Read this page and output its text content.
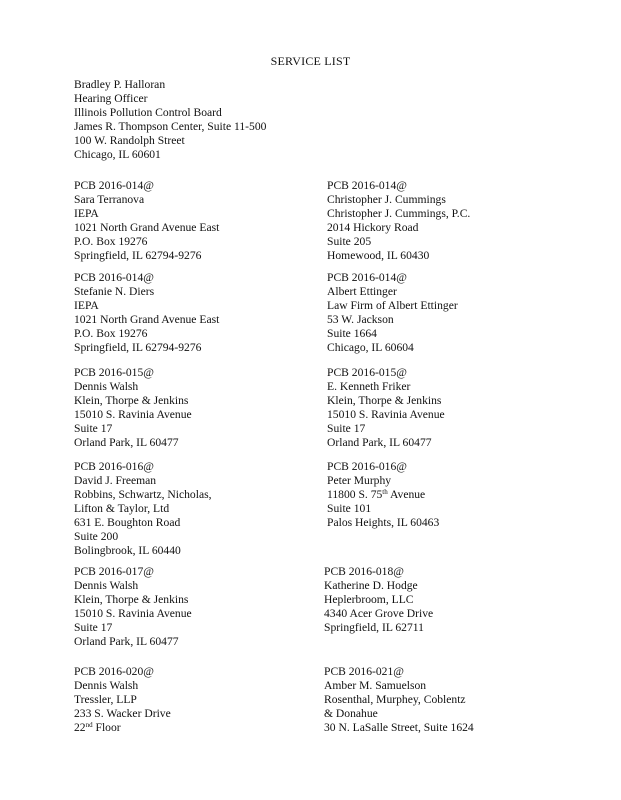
SERVICE LIST
Bradley P. Halloran
Hearing Officer
Illinois Pollution Control Board
James R. Thompson Center, Suite 11-500
100 W. Randolph Street
Chicago, IL 60601
PCB 2016-014@
Sara Terranova
IEPA
1021 North Grand Avenue East
P.O. Box 19276
Springfield, IL 62794-9276
PCB 2016-014@
Christopher J. Cummings
Christopher J. Cummings, P.C.
2014 Hickory Road
Suite 205
Homewood, IL 60430
PCB 2016-014@
Stefanie N. Diers
IEPA
1021 North Grand Avenue East
P.O. Box 19276
Springfield, IL 62794-9276
PCB 2016-014@
Albert Ettinger
Law Firm of Albert Ettinger
53 W. Jackson
Suite 1664
Chicago, IL 60604
PCB 2016-015@
Dennis Walsh
Klein, Thorpe & Jenkins
15010 S. Ravinia Avenue
Suite 17
Orland Park, IL 60477
PCB 2016-015@
E. Kenneth Friker
Klein, Thorpe & Jenkins
15010 S. Ravinia Avenue
Suite 17
Orland Park, IL 60477
PCB 2016-016@
David J. Freeman
Robbins, Schwartz, Nicholas,
Lifton & Taylor, Ltd
631 E. Boughton Road
Suite 200
Bolingbrook, IL 60440
PCB 2016-016@
Peter Murphy
11800 S. 75th Avenue
Suite 101
Palos Heights, IL 60463
PCB 2016-017@
Dennis Walsh
Klein, Thorpe & Jenkins
15010 S. Ravinia Avenue
Suite 17
Orland Park, IL 60477
PCB 2016-018@
Katherine D. Hodge
Heplerbroom, LLC
4340 Acer Grove Drive
Springfield, IL 62711
PCB 2016-020@
Dennis Walsh
Tressler, LLP
233 S. Wacker Drive
22nd Floor
PCB 2016-021@
Amber M. Samuelson
Rosenthal, Murphey, Coblentz
& Donahue
30 N. LaSalle Street, Suite 1624
